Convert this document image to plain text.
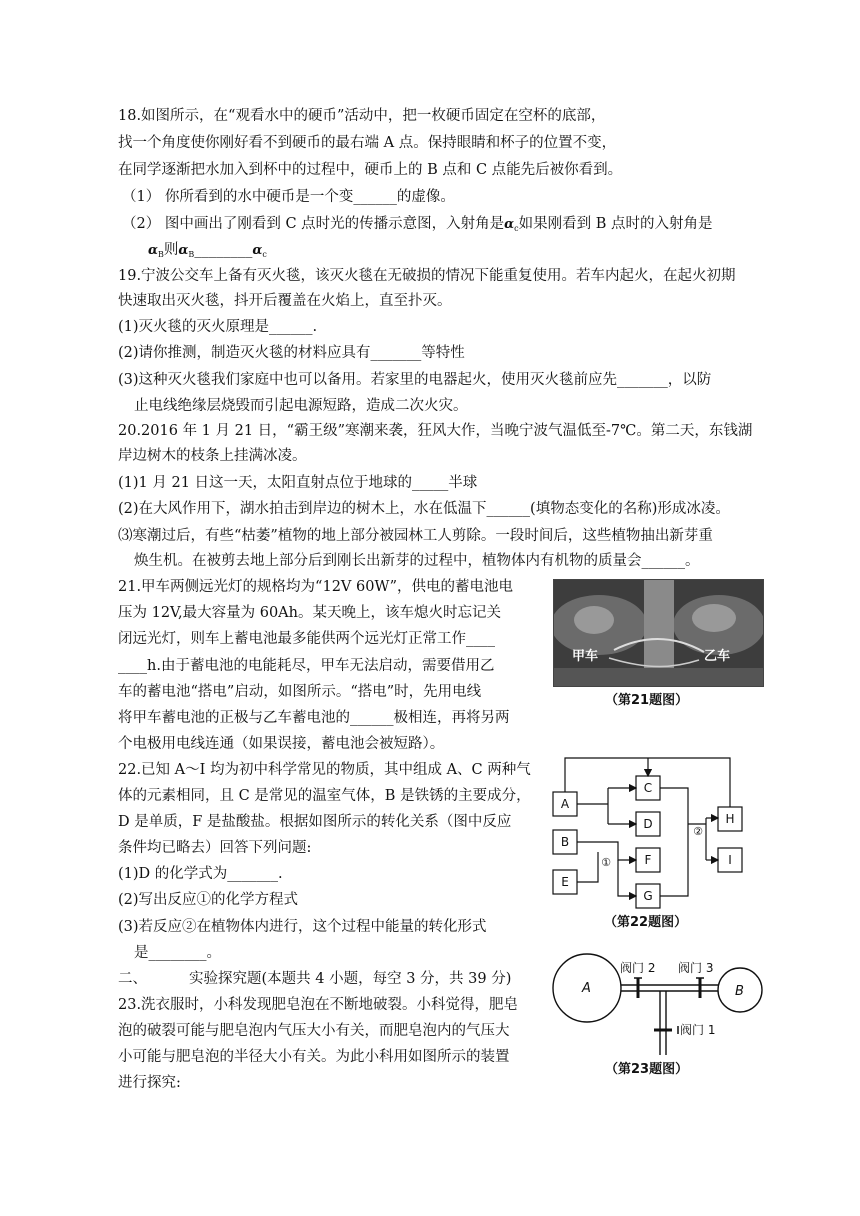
18.如图所示，在“观看水中的硬币”活动中，把一枚硬币固定在空杯的底部，
找一个角度使你刚好看不到硬币的最右端 A 点。保持眼睛和杯子的位置不变，
在同学逐渐把水加入到杯中的过程中，硬币上的 B 点和 C 点能先后被你看到。
（1） 你所看到的水中硬币是一个变______的虚像。
（2） 图中画出了刚看到 C 点时光的传播示意图，入射角是$\alpha_c$如果刚看到 B 点时的入射角是
$\alpha_B$则$\alpha_B\_\_\_\_\_\_\_\_\alpha_c$
19.宁波公交车上备有灭火毯，该灭火毯在无破损的情况下能重复使用。若车内起火，在起火初期
快速取出灭火毯，抖开后覆盖在火焰上，直至扑灭。
(1)灭火毯的灭火原理是______.
(2)请你推测，制造灭火毯的材料应具有_______等特性
(3)这种灭火毯我们家庭中也可以备用。若家里的电器起火，使用灭火毯前应先_______，以防
止电线绝缘层烧毁而引起电源短路，造成二次火灾。
20.2016 年 1 月 21 日，“霸王级”寒潮来袭，狂风大作，当晚宁波气温低至-7℃。第二天，东钱湖
岸边树木的枝条上挂满冰凌。
(1)1 月 21 日这一天，太阳直射点位于地球的_____半球
(2)在大风作用下，湖水拍击到岸边的树木上，水在低温下______(填物态变化的名称)形成冰凌。
⑶寒潮过后，有些“枯萎”植物的地上部分被园林工人剪除。一段时间后，这些植物抽出新芽重
焕生机。在被剪去地上部分后到刚长出新芽的过程中，植物体内有机物的质量会______。
21.甲车两侧远光灯的规格均为“12V 60W”，供电的蓄电池电
压为 12V,最大容量为 60Ah。某天晚上，该车熄火时忘记关
闭远光灯，则车上蓄电池最多能供两个远光灯正常工作____
____h.由于蓄电池的电能耗尽，甲车无法启动，需要借用乙
车的蓄电池“搭电”启动，如图所示。“搭电”时，先用电线
将甲车蓄电池的正极与乙车蓄电池的______极相连，再将另两
个电极用电线连通（如果误接，蓄电池会被短路）。
甲车	乙车
（第21题图）
22.已知 A～I 均为初中科学常见的物质，其中组成 A、C 两种气
体的元素相同，且 C 是常见的温室气体，B 是铁锈的主要成分，
D 是单质，F 是盐酸盐。根据如图所示的转化关系（图中反应
条件均已略去）回答下列问题:
(1)D 的化学式为_______.
(2)写出反应①的化学方程式
(3)若反应②在植物体内进行，这个过程中能量的转化形式
是________。
A
B
E
C
D
F
G
H
I
①
②
（第22题图）
二、	实验探究题(本题共 4 小题，每空 3 分，共 39 分)
23.洗衣服时，小科发现肥皂泡在不断地破裂。小科觉得，肥皂
泡的破裂可能与肥皂泡内气压大小有关，而肥皂泡内的气压大
小可能与肥皂泡的半径大小有关。为此小科用如图所示的装置
进行探究:
A	B
阀门 2 阀门 3
阀门 1
（第23题图）
